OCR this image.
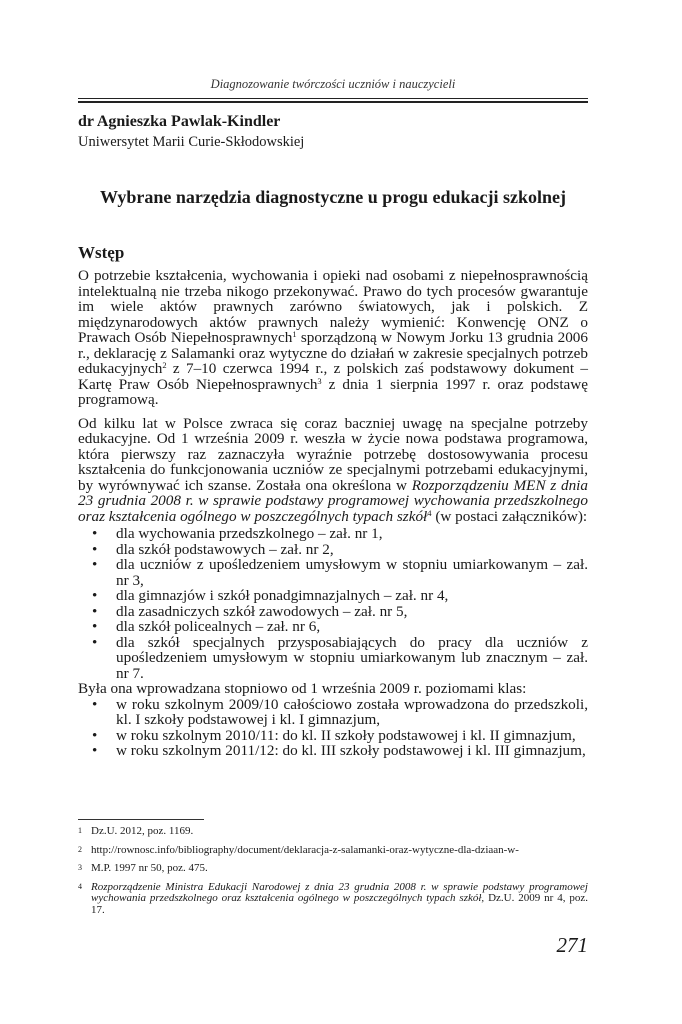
Diagnozowanie twórczości uczniów i nauczycieli
dr Agnieszka Pawlak-Kindler
Uniwersytet Marii Curie-Skłodowskiej
Wybrane narzędzia diagnostyczne u progu edukacji szkolnej
Wstęp

O potrzebie kształcenia, wychowania i opieki nad osobami z niepełnosprawnością intelektualną nie trzeba nikogo przekonywać. Prawo do tych procesów gwarantuje im wiele aktów prawnych zarówno światowych, jak i polskich. Z międzynarodowych aktów prawnych należy wymienić: Konwencję ONZ o Prawach Osób Niepełnosprawnych$^1$ sporządzoną w Nowym Jorku 13 grudnia 2006 r., deklarację z Salamanki oraz wytyczne do działań w zakresie specjalnych potrzeb edukacyjnych$^2$ z 7–10 czerwca 1994 r., z polskich zaś podstawowy dokument – Kartę Praw Osób Niepełnosprawnych$^3$ z dnia 1 sierpnia 1997 r. oraz podstawę programową.

Od kilku lat w Polsce zwraca się coraz baczniej uwagę na specjalne potrzeby edukacyjne. Od 1 września 2009 r. weszła w życie nowa podstawa programowa, która pierwszy raz zaznaczyła wyraźnie potrzebę dostosowywania procesu kształcenia do funkcjonowania uczniów ze specjalnymi potrzebami edukacyjnymi, by wyrównywać ich szanse. Została ona określona w Rozporządzeniu MEN z dnia 23 grudnia 2008 r. w sprawie podstawy programowej wychowania przedszkolnego oraz kształcenia ogólnego w poszczególnych typach szkół$^4$ (w postaci załączników):

• dla wychowania przedszkolnego – zał. nr 1,
• dla szkół podstawowych – zał. nr 2,
• dla uczniów z upośledzeniem umysłowym w stopniu umiarkowanym – zał. nr 3,
• dla gimnazjów i szkół ponadgimnazjalnych – zał. nr 4,
• dla zasadniczych szkół zawodowych – zał. nr 5,
• dla szkół policealnych – zał. nr 6,
• dla szkół specjalnych przysposabiających do pracy dla uczniów z upośledzeniem umysłowym w stopniu umiarkowanym lub znacznym – zał. nr 7.

Była ona wprowadzana stopniowo od 1 września 2009 r. poziomami klas:

• w roku szkolnym 2009/10 całościowo została wprowadzona do przedszkoli, kl. I szkoły podstawowej i kl. I gimnazjum,
• w roku szkolnym 2010/11: do kl. II szkoły podstawowej i kl. II gimnazjum,
• w roku szkolnym 2011/12: do kl. III szkoły podstawowej i kl. III gimnazjum,
1 Dz.U. 2012, poz. 1169.
2 http://rownosc.info/bibliography/document/deklaracja-z-salamanki-oraz-wytyczne-dla-dziaan-w-
3 M.P. 1997 nr 50, poz. 475.
4 Rozporządzenie Ministra Edukacji Narodowej z dnia 23 grudnia 2008 r. w sprawie podstawy programowej wychowania przedszkolnego oraz kształcenia ogólnego w poszczególnych typach szkół, Dz.U. 2009 nr 4, poz. 17.
271
